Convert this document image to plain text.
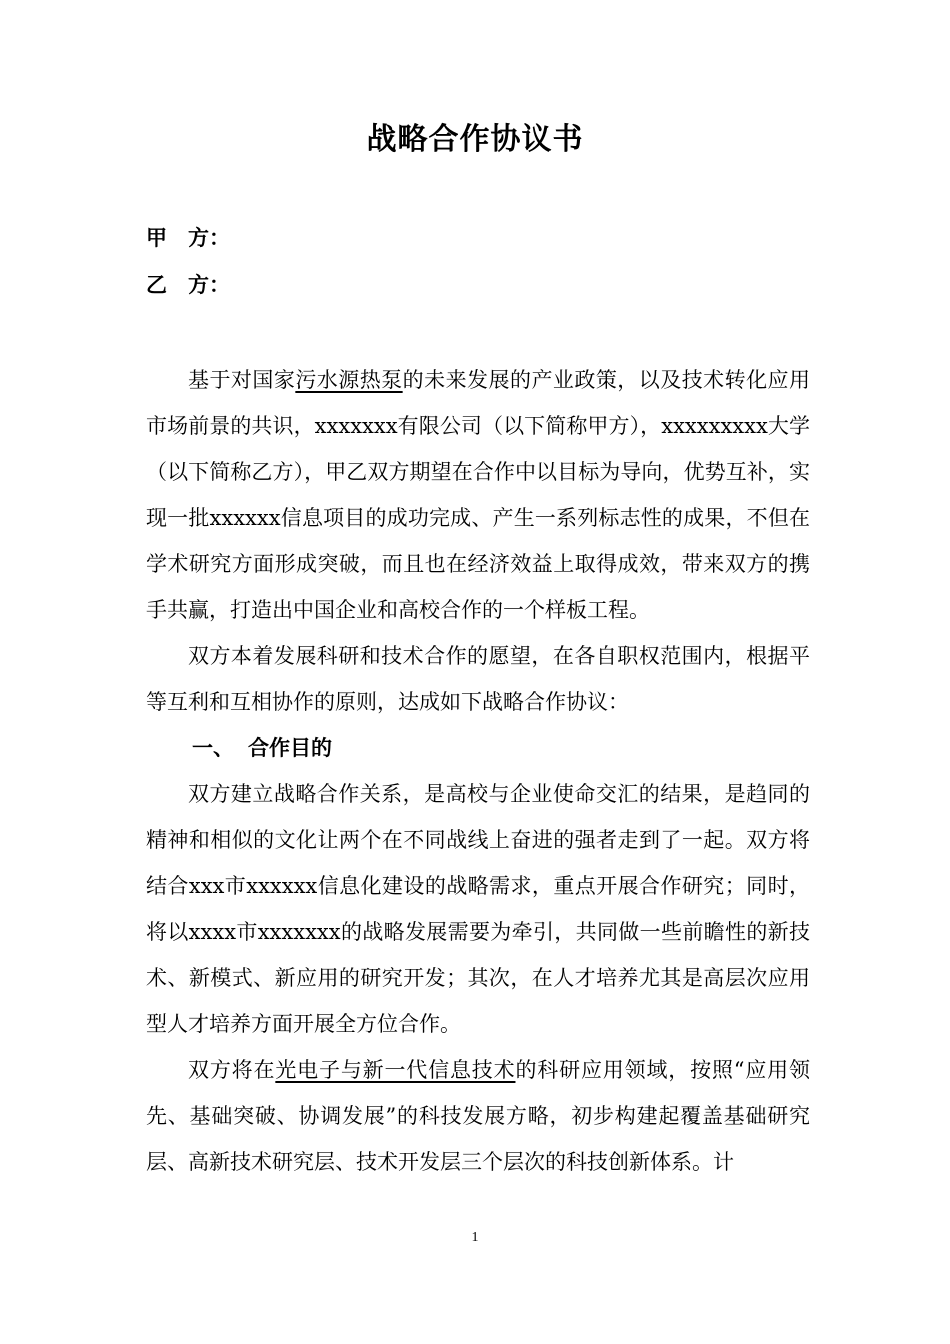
战略合作协议书
甲　方：
乙　方：

基于对国家污水源热泵的未来发展的产业政策，以及技术转化应用市场前景的共识，xxxxxxx有限公司（以下简称甲方），xxxxxxxxx大学（以下简称乙方），甲乙双方期望在合作中以目标为导向，优势互补，实现一批xxxxxx信息项目的成功完成、产生一系列标志性的成果，不但在学术研究方面形成突破，而且也在经济效益上取得成效，带来双方的携手共赢，打造出中国企业和高校合作的一个样板工程。

双方本着发展科研和技术合作的愿望，在各自职权范围内，根据平等互利和互相协作的原则，达成如下战略合作协议：

一、 合作目的

双方建立战略合作关系，是高校与企业使命交汇的结果，是趋同的精神和相似的文化让两个在不同战线上奋进的强者走到了一起。双方将结合xxx市xxxxxx信息化建设的战略需求，重点开展合作研究；同时，将以xxxx市xxxxxxx的战略发展需要为牵引，共同做一些前瞻性的新技术、新模式、新应用的研究开发；其次，在人才培养尤其是高层次应用型人才培养方面开展全方位合作。

双方将在光电子与新一代信息技术的科研应用领域，按照“应用领先、基础突破、协调发展”的科技发展方略，初步构建起覆盖基础研究层、高新技术研究层、技术开发层三个层次的科技创新体系。计

1
